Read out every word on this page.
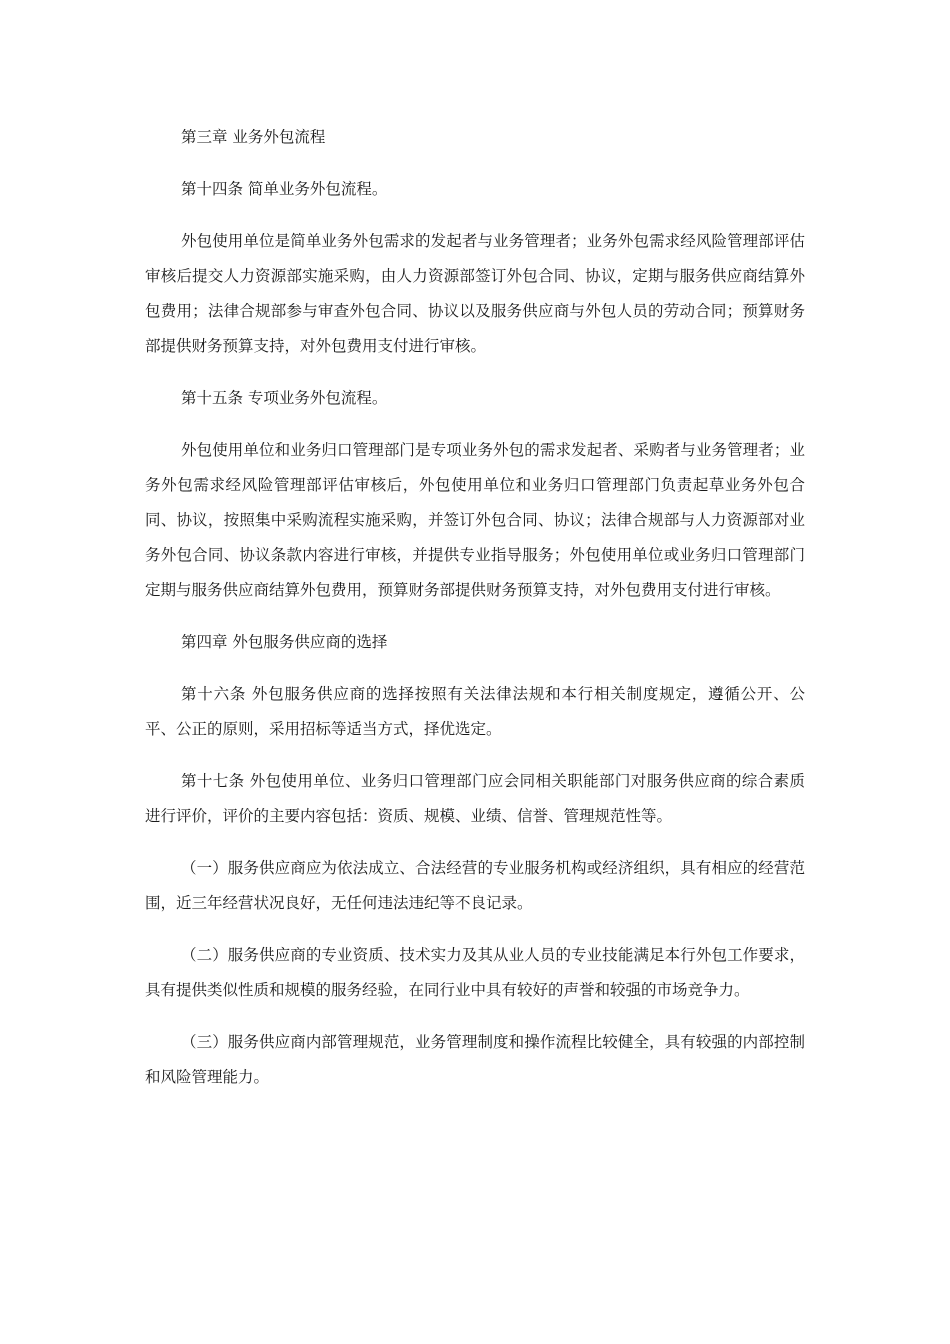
第三章 业务外包流程

第十四条 简单业务外包流程。

外包使用单位是简单业务外包需求的发起者与业务管理者；业务外包需求经风险管理部评估审核后提交人力资源部实施采购，由人力资源部签订外包合同、协议，定期与服务供应商结算外包费用；法律合规部参与审查外包合同、协议以及服务供应商与外包人员的劳动合同；预算财务部提供财务预算支持，对外包费用支付进行审核。

第十五条 专项业务外包流程。

外包使用单位和业务归口管理部门是专项业务外包的需求发起者、采购者与业务管理者；业务外包需求经风险管理部评估审核后，外包使用单位和业务归口管理部门负责起草业务外包合同、协议，按照集中采购流程实施采购，并签订外包合同、协议；法律合规部与人力资源部对业务外包合同、协议条款内容进行审核，并提供专业指导服务；外包使用单位或业务归口管理部门定期与服务供应商结算外包费用，预算财务部提供财务预算支持，对外包费用支付进行审核。

第四章 外包服务供应商的选择

第十六条 外包服务供应商的选择按照有关法律法规和本行相关制度规定，遵循公开、公平、公正的原则，采用招标等适当方式，择优选定。

第十七条 外包使用单位、业务归口管理部门应会同相关职能部门对服务供应商的综合素质进行评价，评价的主要内容包括：资质、规模、业绩、信誉、管理规范性等。

（一）服务供应商应为依法成立、合法经营的专业服务机构或经济组织，具有相应的经营范围，近三年经营状况良好，无任何违法违纪等不良记录。

（二）服务供应商的专业资质、技术实力及其从业人员的专业技能满足本行外包工作要求，具有提供类似性质和规模的服务经验，在同行业中具有较好的声誉和较强的市场竞争力。

（三）服务供应商内部管理规范，业务管理制度和操作流程比较健全，具有较强的内部控制和风险管理能力。
